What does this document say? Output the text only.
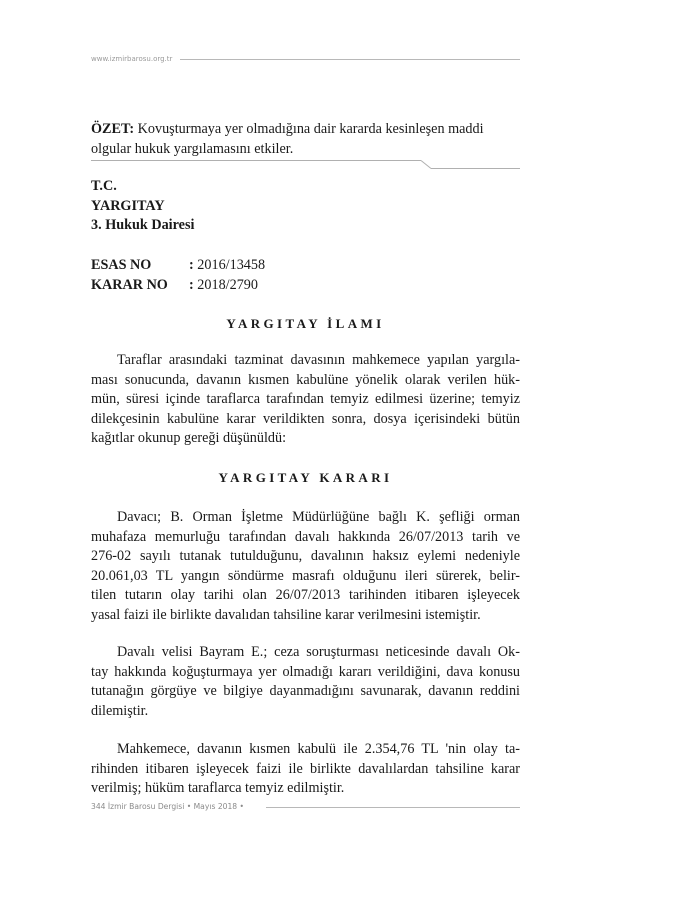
www.izmirbarosu.org.tr
ÖZET: Kovuşturmaya yer olmadığına dair kararda kesinleşen maddi
olgular hukuk yargılamasını etkiler.
T.C.
YARGITAY
3. Hukuk Dairesi
ESAS NO	:
2016/13458
KARAR NO	:
2018/2790
YARGITAY İLAMI
Taraflar arasındaki tazminat davasının mahkemece yapılan yargıla-
ması sonucunda, davanın kısmen kabulüne yönelik olarak verilen hük-
mün, süresi içinde taraflarca tarafından temyiz edilmesi üzerine; temyiz
dilekçesinin kabulüne karar verildikten sonra, dosya içerisindeki bütün
kağıtlar okunup gereği düşünüldü:
YARGITAY KARARI
Davacı; B. Orman İşletme Müdürlüğüne bağlı K. şefliği orman
muhafaza memurluğu tarafından davalı hakkında 26/07/2013 tarih ve
276-02 sayılı tutanak tutulduğunu, davalının haksız eylemi nedeniyle
20.061,03 TL yangın söndürme masrafı olduğunu ileri sürerek, belir-
tilen tutarın olay tarihi olan 26/07/2013 tarihinden itibaren işleyecek
yasal faizi ile birlikte davalıdan tahsiline karar verilmesini istemiştir.
Davalı velisi Bayram E.; ceza soruşturması neticesinde davalı Ok-
tay hakkında koğuşturmaya yer olmadığı kararı verildiğini, dava konusu
tutanağın görgüye ve bilgiye dayanmadığını savunarak, davanın reddini
dilemiştir.
Mahkemece, davanın kısmen kabulü ile 2.354,76 TL 'nin olay ta-
rihinden itibaren işleyecek faizi ile birlikte davalılardan tahsiline karar
verilmiş; hüküm taraflarca temyiz edilmiştir.
344 İzmir Barosu Dergisi • Mayıs 2018 •
